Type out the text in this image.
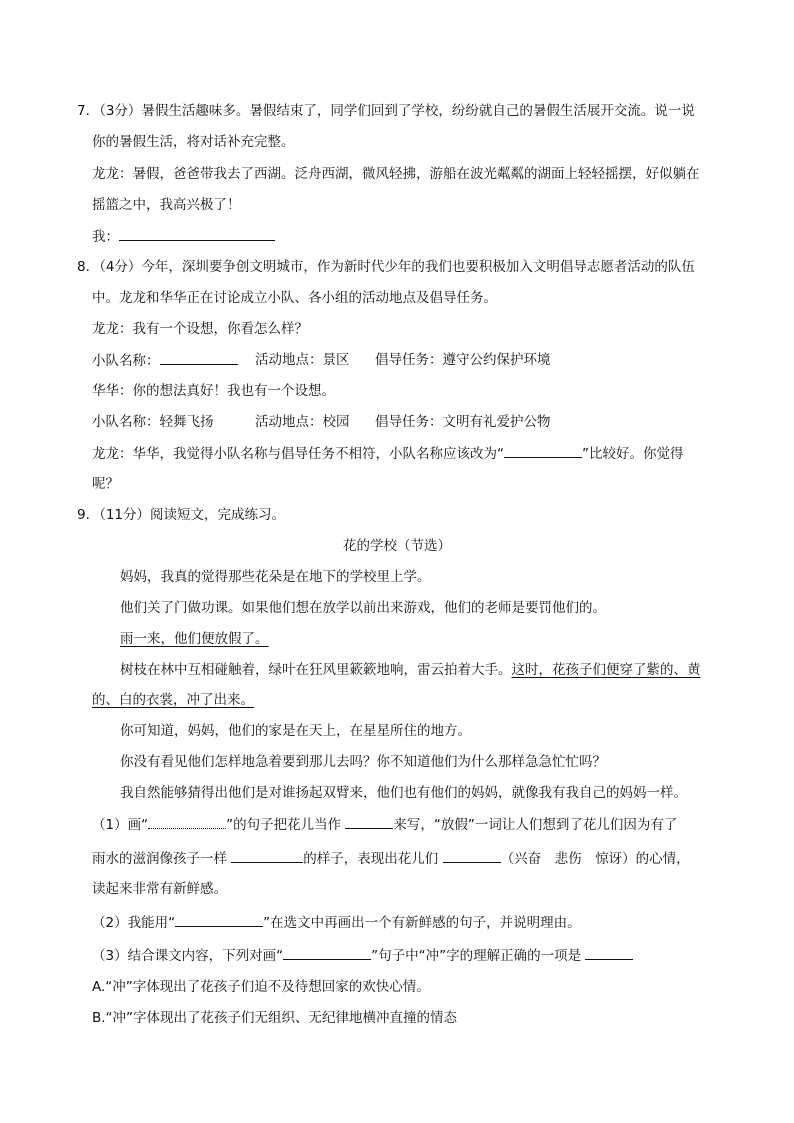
7．（3分）暑假生活趣味多。暑假结束了，同学们回到了学校，纷纷就自己的暑假生活展开交流。说一说
你的暑假生活，将对话补充完整。
龙龙：暑假，爸爸带我去了西湖。泛舟西湖，微风轻拂，游船在波光粼粼的湖面上轻轻摇摆，好似躺在
摇篮之中，我高兴极了！
我：
8．（4分）今年，深圳要争创文明城市，作为新时代少年的我们也要积极加入文明倡导志愿者活动的队伍
中。龙龙和华华正在讨论成立小队、各小组的活动地点及倡导任务。
龙龙：我有一个设想，你看怎么样？
小队名称：	活动地点：景区 倡导任务：遵守公约保护环境
华华：你的想法真好！我也有一个设想。
小队名称：轻舞飞扬	活动地点：校园 倡导任务：文明有礼爱护公物
龙龙：华华，我觉得小队名称与倡导任务不相符，小队名称应该改为“	”比较好。你觉得
呢？
9．（11分）阅读短文，完成练习。
花的学校（节选）
妈妈，我真的觉得那些花朵是在地下的学校里上学。
他们关了门做功课。如果他们想在放学以前出来游戏，他们的老师是要罚他们的。
雨一来，他们便放假了。
树枝在林中互相碰触着，绿叶在狂风里簌簌地响，雷云拍着大手。这时，花孩子们便穿了紫的、黄
的、白的衣裳，冲了出来。
你可知道，妈妈，他们的家是在天上，在星星所住的地方。
你没有看见他们怎样地急着要到那儿去吗？你不知道他们为什么那样急急忙忙吗？
我自然能够猜得出他们是对谁扬起双臂来，他们也有他们的妈妈，就像我有我自己的妈妈一样。
（1）画“	”的句子把花儿当作	来写，“放假”一词让人们想到了花儿们因为有了
雨水的滋润像孩子一样	的样子，表现出花儿们	（兴奋　悲伤　惊讶）的心情，
读起来非常有新鲜感。
（2）我能用“	”在选文中再画出一个有新鲜感的句子，并说明理由。
（3）结合课文内容，下列对画“	”句子中“冲”字的理解正确的一项是
A.“冲”字体现出了花孩子们迫不及待想回家的欢快心情。
B.“冲”字体现出了花孩子们无组织、无纪律地横冲直撞的情态
